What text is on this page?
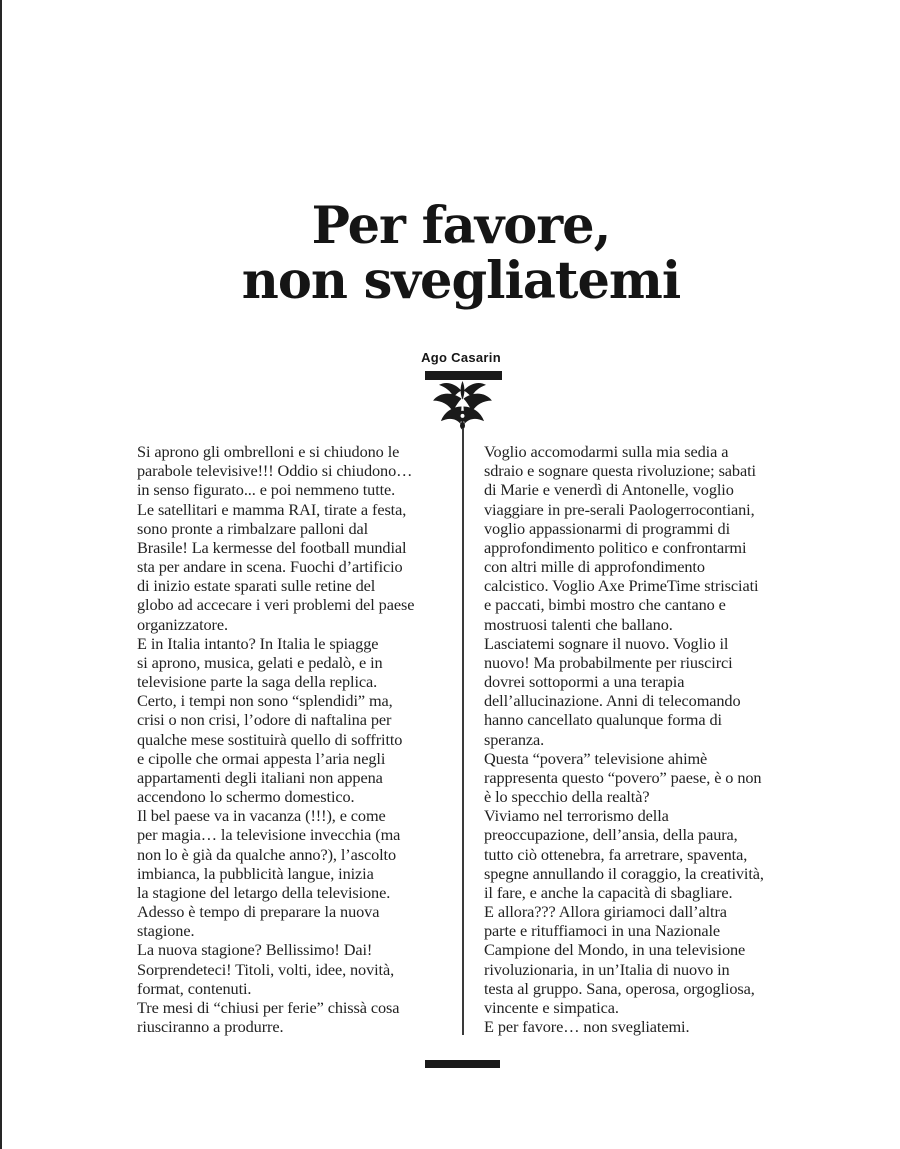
Per favore,
non svegliatemi
Ago Casarin
Si aprono gli ombrelloni e si chiudono le
parabole televisive!!! Oddio si chiudono…
in senso figurato... e poi nemmeno tutte.
Le satellitari e mamma RAI, tirate a festa,
sono pronte a rimbalzare palloni dal
Brasile! La kermesse del football mundial
sta per andare in scena. Fuochi d’artificio
di inizio estate sparati sulle retine del
globo ad accecare i veri problemi del paese
organizzatore.
E in Italia intanto? In Italia le spiagge
si aprono, musica, gelati e pedalò, e in
televisione parte la saga della replica.
Certo, i tempi non sono “splendidi” ma,
crisi o non crisi, l’odore di naftalina per
qualche mese sostituirà quello di soffritto
e cipolle che ormai appesta l’aria negli
appartamenti degli italiani non appena
accendono lo schermo domestico.
Il bel paese va in vacanza (!!!), e come
per magia… la televisione invecchia (ma
non lo è già da qualche anno?), l’ascolto
imbianca, la pubblicità langue, inizia
la stagione del letargo della televisione.
Adesso è tempo di preparare la nuova
stagione.
La nuova stagione? Bellissimo! Dai!
Sorprendeteci! Titoli, volti, idee, novità,
format, contenuti.
Tre mesi di “chiusi per ferie” chissà cosa
riusciranno a produrre.
Voglio accomodarmi sulla mia sedia a
sdraio e sognare questa rivoluzione; sabati
di Marie e venerdì di Antonelle, voglio
viaggiare in pre-serali Paologerrocontiani,
voglio appassionarmi di programmi di
approfondimento politico e confrontarmi
con altri mille di approfondimento
calcistico. Voglio Axe PrimeTime strisciati
e paccati, bimbi mostro che cantano e
mostruosi talenti che ballano.
Lasciatemi sognare il nuovo. Voglio il
nuovo! Ma probabilmente per riuscirci
dovrei sottopormi a una terapia
dell’allucinazione. Anni di telecomando
hanno cancellato qualunque forma di
speranza.
Questa “povera” televisione ahimè
rappresenta questo “povero” paese, è o non
è lo specchio della realtà?
Viviamo nel terrorismo della
preoccupazione, dell’ansia, della paura,
tutto ciò ottenebra, fa arretrare, spaventa,
spegne annullando il coraggio, la creatività,
il fare, e anche la capacità di sbagliare.
E allora??? Allora giriamoci dall’altra
parte e rituffiamoci in una Nazionale
Campione del Mondo, in una televisione
rivoluzionaria, in un’Italia di nuovo in
testa al gruppo. Sana, operosa, orgogliosa,
vincente e simpatica.
E per favore… non svegliatemi.
